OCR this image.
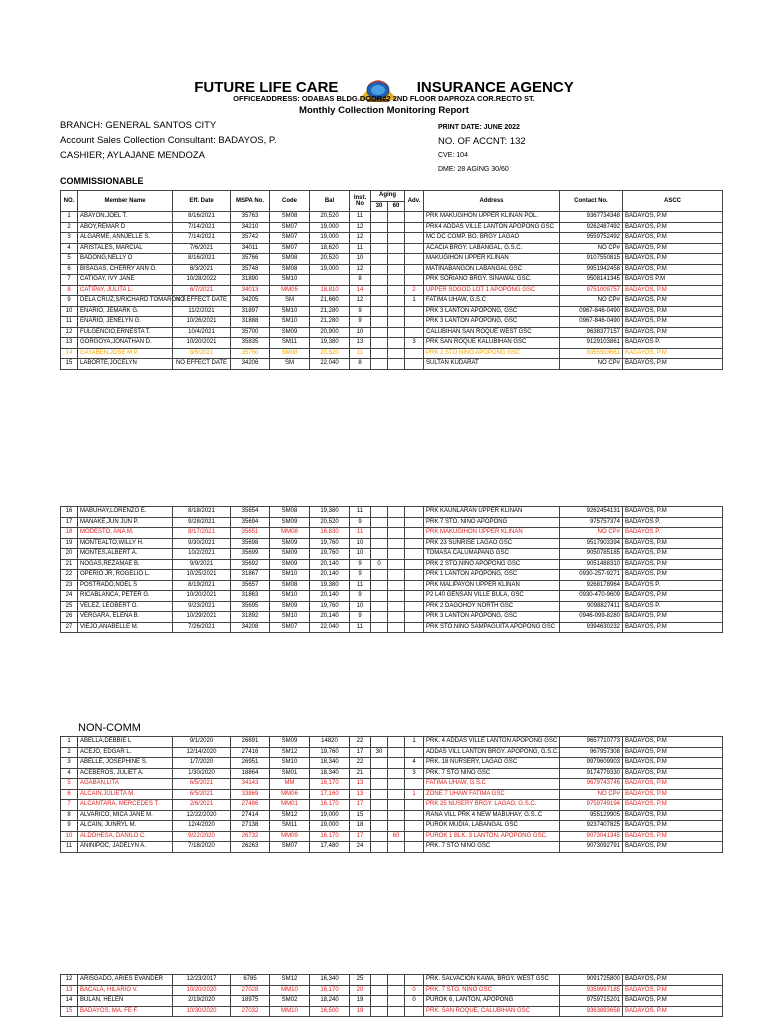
FUTURE LIFE CARE	INSURANCE AGENCY
OFFICEADDRESS: ODABAS BLDG.DOOR#2 2ND FLOOR DAPROZA COR.RECTO ST.
Monthly Collection Monitoring Report
BRANCH: GENERAL SANTOS CITY
Account Sales Collection Consultant: BADAYOS, P.
CASHIER; AYLAJANE MENDOZA
PRINT DATE: JUNE 2022
NO. OF ACCNT: 132
CVE: 104
DME: 28 AGING 30/60
COMMISSIONABLE
NO.	Member Name	Eff. Date	MSPA No.	Code	Bal	Inst. No	Aging		Adv.	Address	Contact No.	ASCC
							30	60				
1	ABAYON,JOEL T.	8/16/2021	35763	SM08	20,520	11				PRK MAKUGIHON UPPER KLINAN POL.	9367734348	BADAYOS, P.M
2	ABOY,REMAR D	7/14/2021	34210	SM07	19,000	12				PRK4 ADDAS VILLE LANTON APOPONG GSC	9262487492	BADAYOS, P.M
3	ALGARME, ANNJELLE S.	7/14/2021	35742	SM07	19,000	12				MC DC COMP. BO. BRGY LAGAO	9559752492	BADAYOS, P.M
4	ARISTALES, MARCIAL	7/6/2021	34011	SM07	18,620	11				ACACIA BRGY. LABANGAL, G.S.C.	NO CP#	BADAYOS, P.M
5	BADONG,NELLY O	8/16/2021	35766	SM08	20,520	10				MAKUGIHON UPPER KLINAN	9107550815	BADAYOS, P.M
6	BISAGAS, CHERRY ANN O.	8/3/2021	35748	SM08	19,000	12				MATINABANGON LABANGAL GSC	9951942458	BADAYOS, P.M
7	CATIGAY, IVY JANE	10/28/2022	31890	SM10		8				PRK SORIANO BRGY. SINAWAL GSC.	9508141345	BADAYOS P.M
8	CATIPAY, JULITA L.	6/7/2021	34013	MM05	18,810	14			2	UPPER SOGOD LOT 1 APOPONG GSC	9751009757	BADAYOS, P.M
9	DELA CRUZ,S/RICHARD TOMAROY T.	NO EFFECT DATE	34205	SM	21,660	12			1	FATIMA UHAW, G.S.C	NO CP#	BADAYOS, P.M
10	ENARIO, JEMARK G.	11/2/2021	31897	SM10	21,280	9				PRK 3 LANTON APOPONG, GSC	0967-846-0490	BADAYOS, P.M
11	ENARIO, JENELYN G.	10/26/2021	31888	SM10	21,280	9				PRK 3 LANTON APOPONG, GSC	0967-846-0490	BADAYOS, P.M
12	FULGENCIO,ERNESTA T.	10/4/2021	35700	SM09	20,900	10				CALUBIHAN SAN ROQUE WEST GSC	9638377157	BADAYOS, P.M
13	GORGOYA,JONATHAN D.	10/20/2021	35835	SM11	19,380	13			3	PRK SAN ROQUE KALUBIHAN GSC	9129103861	BADAYOS P.
14	GAYABEN,JOSE M P.	8/6/2021	35750	SM08	20,520	11				PRK 2 STO NIÑO APOPONG GSC	9355503661	BADAYOS, P.M
15	LABORTE,JOCELYN	NO EFFECT DATE	34206	SM	22,040	8				SULTAN KUDARAT	NO CP#	BADAYOS, P.M
16	MABUHAY,LORENZO E.	8/18/2021	35654	SM08	19,380	11				PRK KAUNLARAN UPPER KLINAN	9262454131	BADAYOS, P.M
17	MANAKE,JUN JUN P.	9/28/2021	35694	SM09	20,520	9				PRK 7 STO. NIÑO APOPONG	975757374	BADAYOS P.
18	MODESTO, ANA M.	8/17/2021	35651	MM08	16,830	11				PRK MAKUGIHON UPPER KLINAN	NO CP#	BADAYOS P.
19	MONTEALTO,WILLY H.	9/30/2021	35698	SM09	19,760	10				PRK 23 SUNRISE LAGAO GSC	9517903394	BADAYOS, P.M
20	MONTES,ALBERT A.	10/2/2021	35699	SM09	19,760	10				TOMASA CALUMAPANG GSC	9050785185	BADAYOS, P.M
21	NOGAS,REZAMAE B.	9/9/2021	35692	SM09	20,140	9	0			PRK 2 STO,NIÑO APOPONG GSC	9051488310	BADAYOS, P.M
22	OPERIO JR, ROGELIO L.	10/25/2021	31867	SM10	20,140	9				PRK 1 LANTON APOPONG, GSC	0930-257-9271	BADAYOS, P.M
23	POSTRADO,NOEL S	8/19/2021	35657	SM08	19,380	11				PRK MALIPAYON UPPER KLINAN	9268178964	BADAYOS P.
24	RICABLANCA, PETER G.	10/20/2021	31863	SM10	20,140	9				P2 L40 GENSAN VILLE BULA, GSC	0930-470-9609	BADAYOS, P.M
25	VELEZ, LEOBERT O.	9/23/2021	35695	SM09	19,760	10				PRK 2 DAGOHOY NORTH GSC	9098827411	BADAYOS P.
26	VERGARA, ELENA B.	10/29/2021	31892	SM10	20,140	9				PRK 3 LANTON APOPONG, GSC	0946-099-8280	BADAYOS, P.M
27	VIEJO,ANABELLE M.	7/26/2021	34208	SM07	22,040	11				PRK STO.NINO SAMPAGUITA APOPONG GSC	9394630232	BADAYOS, P.M
NON-COMM
1	ABELLA,DEBBIE L	9/1/2020	26691	SM09	14820	22			1	PRK. 4 ADDAS VILLE LANTON APOPONG GSC	9657710773	BADAYOS, P.M
2	ACEJO, EDGAR L.	12/14/2020	27416	SM12	19,760	17	30			ADDAS VILL LANTON BRGY. APOPONG, G.S.C.	967957308	BADAYOS, P.M
3	ABELLE, JOSEPHINE S.	1/7/2020	26951	SM10	18,340	22			4	PRK. 18 NURSERY, LAGAO GSC	9979609903	BADAYOS, P.M
4	ACEBEROS, JULIET A.	1/30/2020	18864	SM01	18,340	21			3	PRK. 7 STO NIÑO GSC	9174779330	BADAYOS, P.M
5	AGABAN,LITA	6/5/2021	34143	MM	16,170	13				FATIMA UHAW, G.S.C	9679743746	BADAYOS, P.M
6	ALCAIN,JULIETA M.	6/5/2021	33869	MM06	17,160	13			1	ZONE 7 UHAW FATIMA GSC	NO CP#	BADAYOS, P.M
7	ALCANTARA, MERCEDES T.	2/6/2021	27486	MM01	16,170	17				PRK 25 NUSERY BRGY. LAGAO, G.S.C.	9759749194	BADAYOS, P.M
8	ALVARICO, MICA JANE M.	12/22/2020	27414	SM12	19,000	15				RANA VILL PRK 4 NEW MABUHAY, G.S..C	955129905	BADAYOS, P.M
9	ALCAIN, JUNRYL M.	12/4/2020	27138	SM11	19,000	18				PUROK MUDIA, LABANGAL GSC	9237407825	BADAYOS, P.M
10	ALDOHESA, DANILO C.	9/22/2020	26732	MM09	16,170	17		60		PUROK 1 BLK. 3 LANTON, APOPONG GSC.	9073041345	BADAYOS, P.M
11	ANINIPOC, JADELYN A.	7/18/2020	26263	SM07	17,480	24				PRK. 7 STO NIÑO GSC	9073092791	BADAYOS, P.M
12	ARISGADO, ARIES EVANDER	12/23/2017	6785	SM12	16,340	25				PRK. SALVACION KAWA, BRGY. WEST GSC	9091725800	BADAYOS, P.M
13	BACALA, HILARIO V.	10/20/2020	27028	MM10	16,170	20			0	PRK. 7 STO. NIÑO GSC	9359997185	BADAYOS, P.M
14	BULAN, HELEN	2/19/2020	18975	SM02	18,240	19			0	PUROK 6, LANTON, APOPONG	9759715201	BADAYOS, P.M
15	BADAYOS, MA. FE F.	10/30/2020	27032	MM10	16,500	19				PRK. SAN ROQUE, CALUBIHAN GSC	9363893658	BADAYOS, P.M
